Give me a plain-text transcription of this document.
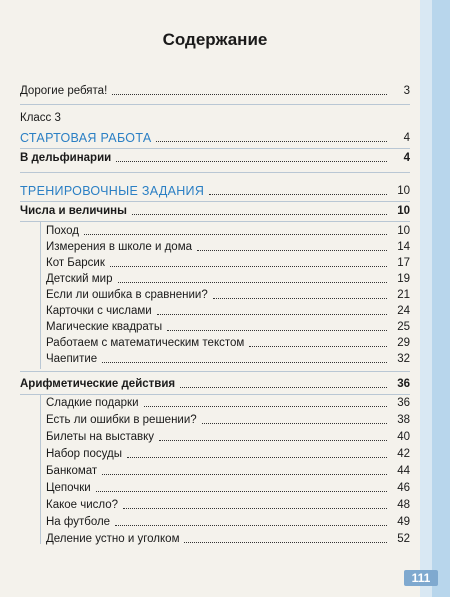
Содержание
Дорогие ребята!	3
Класс 3
СТАРТОВАЯ РАБОТА	4
В дельфинарии	4
ТРЕНИРОВОЧНЫЕ ЗАДАНИЯ	10
Числа и величины	10
Поход	10
Измерения в школе и дома	14
Кот Барсик	17
Детский мир	19
Если ли ошибка в сравнении?	21
Карточки с числами	24
Магические квадраты	25
Работаем с математическим текстом	29
Чаепитие	32
Арифметические действия	36
Сладкие подарки	36
Есть ли ошибки в решении?	38
Билеты на выставку	40
Набор посуды	42
Банкомат	44
Цепочки	46
Какое число?	48
На футболе	49
Деление устно и уголком	52
111
